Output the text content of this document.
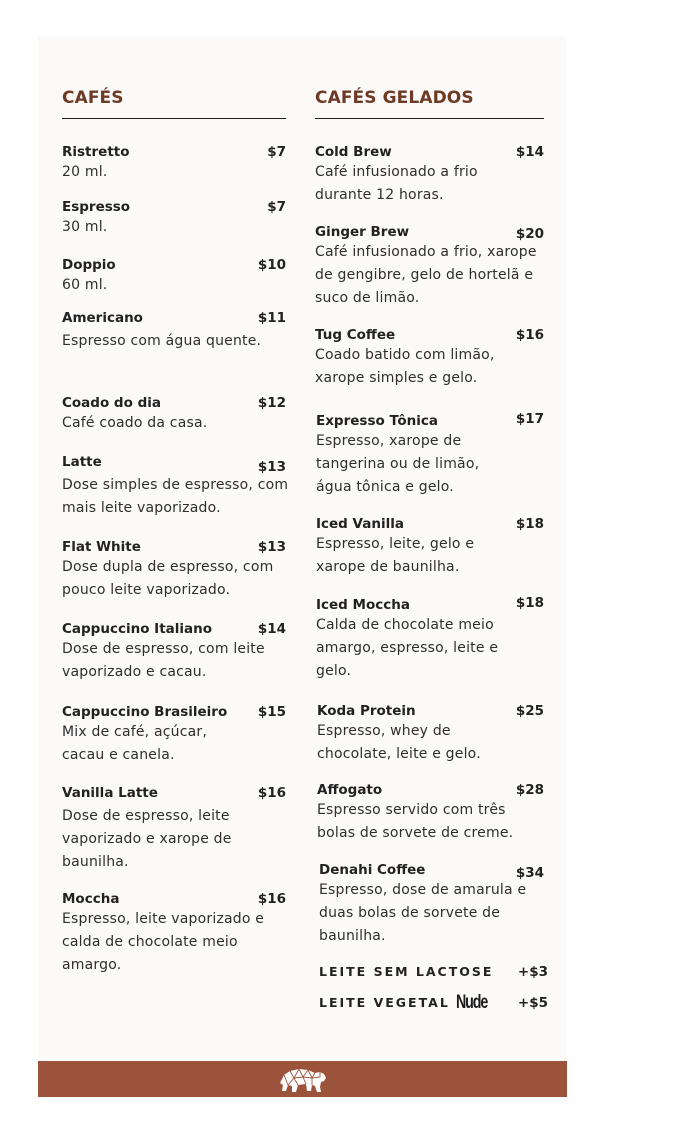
CAFÉS
Ristretto	$7
20 ml.
Espresso	$7
30 ml.
Doppio	$10
60 ml.
Americano	$11
Espresso com água quente.
Coado do dia	$12
Café coado da casa.
Latte	$13
Dose simples de espresso, com mais leite vaporizado.
Flat White	$13
Dose dupla de espresso, com pouco leite vaporizado.
Cappuccino Italiano	$14
Dose de espresso, com leite vaporizado e cacau.
Cappuccino Brasileiro	$15
Mix de café, açúcar, cacau e canela.
Vanilla Latte	$16
Dose de espresso, leite vaporizado e xarope de baunilha.
Moccha	$16
Espresso, leite vaporizado e calda de chocolate meio amargo.
CAFÉS GELADOS
Cold Brew	$14
Café infusionado a frio durante 12 horas.
Ginger Brew	$20
Café infusionado a frio, xarope de gengibre, gelo de hortelã e suco de limão.
Tug Coffee	$16
Coado batido com limão, xarope simples e gelo.
Expresso Tônica	$17
Espresso, xarope de tangerina ou de limão, água tônica e gelo.
Iced Vanilla	$18
Espresso, leite, gelo e xarope de baunilha.
Iced Moccha	$18
Calda de chocolate meio amargo, espresso, leite e gelo.
Koda Protein	$25
Espresso, whey de chocolate, leite e gelo.
Affogato	$28
Espresso servido com três bolas de sorvete de creme.
Denahi Coffee	$34
Espresso, dose de amarula e duas bolas de sorvete de baunilha.
LEITE SEM LACTOSE +$3
LEITE VEGETAL Nude +$5
